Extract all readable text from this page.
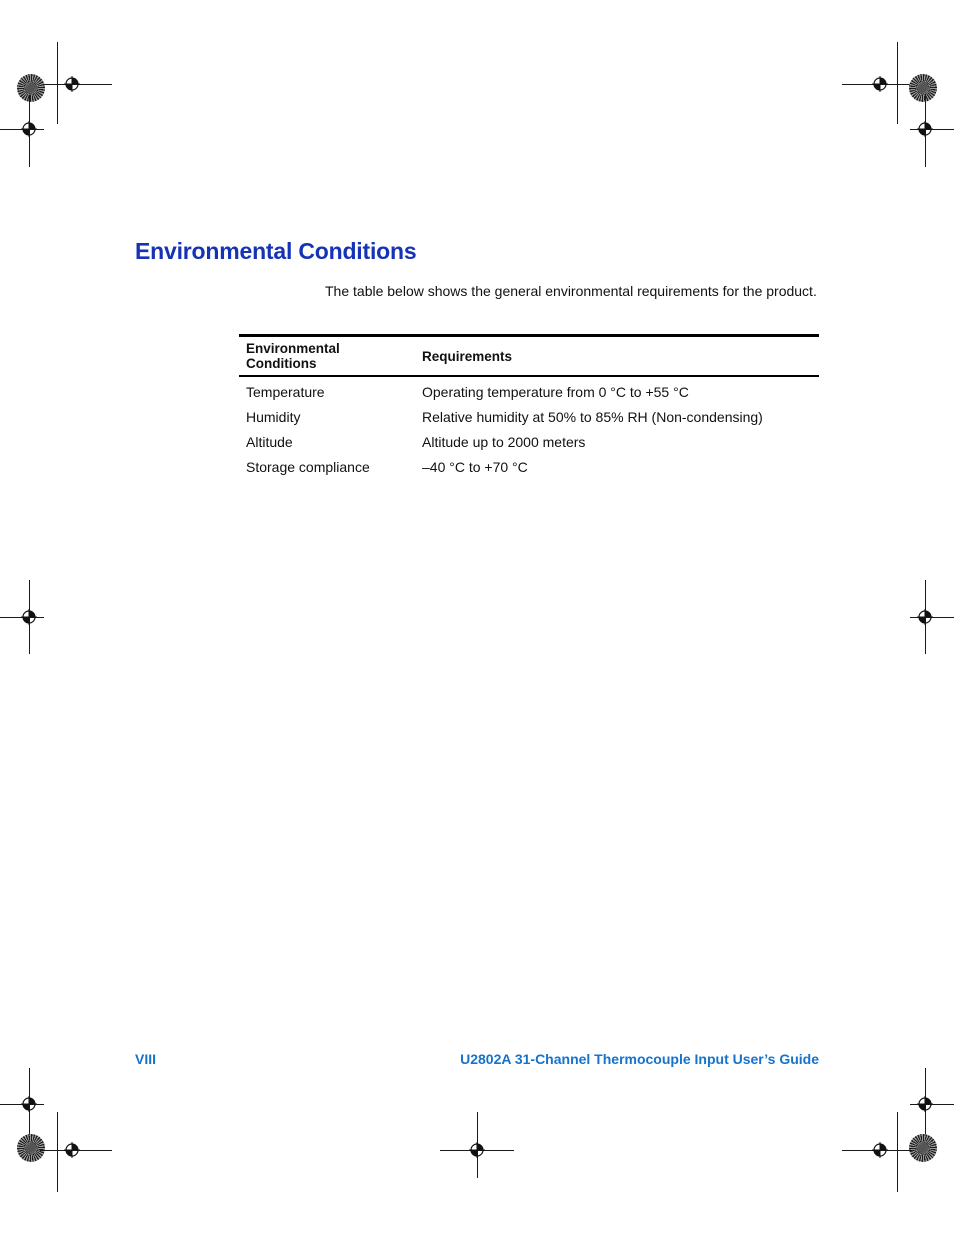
Environmental Conditions

The table below shows the general environmental requirements for the product.

Environmental Conditions	Requirements
Temperature	Operating temperature from 0 °C to +55 °C
Humidity	Relative humidity at 50% to 85% RH (Non-condensing)
Altitude	Altitude up to 2000 meters
Storage compliance	–40 °C to +70 °C
VIII	U2802A 31-Channel Thermocouple Input User’s Guide
